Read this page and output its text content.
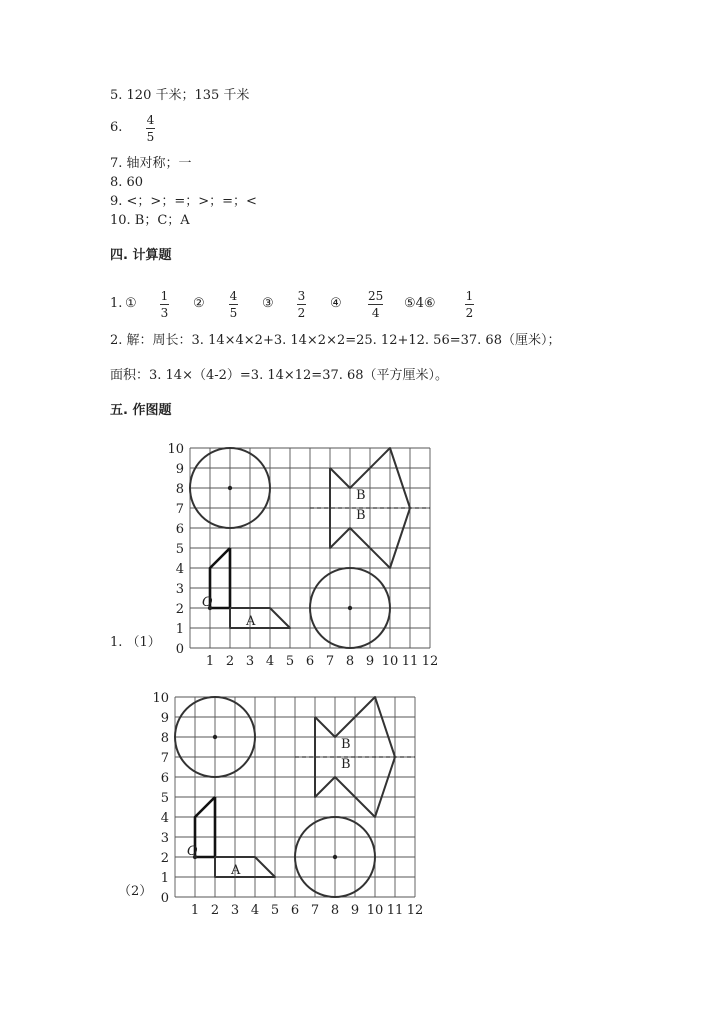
5. 120 千米；135 千米
6. 4
5
7. 轴对称；一
8. 60
9. <；>；=；>；=；<
10. B；C；A
四. 计算题
1. ① 1
3
② 4
5
③ 3
2
④ 25
4
⑤4⑥	1
2
2. 解：周长：3. 14×4×2+3. 14×2×2=25. 12+12. 56=37. 68（厘米）；
面积：3. 14×（4-2）=3. 14×12=37. 68（平方厘米）。
五. 作图题
1. （1）
（2）
1 2 3 4 5 6 7 8 9 10 11 12
1
2
3
4
5
6
7
8
9
10
0
O
A
B
B
1 2 3 4 5 6 7 8 9 10 11 12
1
2
3
4
5
6
7
8
9
10
0
O
A
B
B
